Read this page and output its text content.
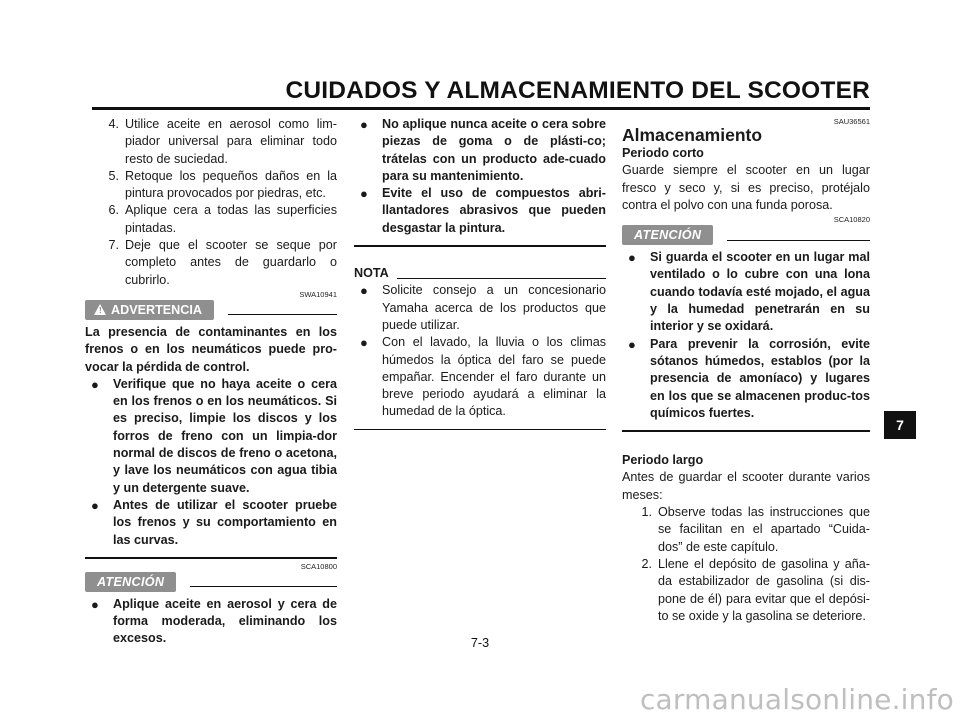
CUIDADOS Y ALMACENAMIENTO DEL SCOOTER
4. Utilice aceite en aerosol como lim-piador universal para eliminar todo resto de suciedad.
5. Retoque los pequeños daños en la pintura provocados por piedras, etc.
6. Aplique cera a todas las superficies pintadas.
7. Deje que el scooter se seque por completo antes de guardarlo o cubrirlo.
SWA10941
! ADVERTENCIA
La presencia de contaminantes en los frenos o en los neumáticos puede pro-vocar la pérdida de control.
●	Verifique que no haya aceite o cera en los frenos o en los neumáticos. Si es preciso, limpie los discos y los forros de freno con un limpia-dor normal de discos de freno o acetona, y lave los neumáticos con agua tibia y un detergente suave.
●	Antes de utilizar el scooter pruebe los frenos y su comportamiento en las curvas.
SCA10800
ATENCIÓN
●	Aplique aceite en aerosol y cera de forma moderada, eliminando los excesos.
●	No aplique nunca aceite o cera sobre piezas de goma o de plásti-co; trátelas con un producto ade-cuado para su mantenimiento.
●	Evite el uso de compuestos abri-llantadores abrasivos que pueden desgastar la pintura.
NOTA
●	Solicite consejo a un concesionario Yamaha acerca de los productos que puede utilizar.
●	Con el lavado, la lluvia o los climas húmedos la óptica del faro se puede empañar. Encender el faro durante un breve periodo ayudará a eliminar la humedad de la óptica.
SAU36561
Almacenamiento
Periodo corto
Guarde siempre el scooter en un lugar fresco y seco y, si es preciso, protéjalo contra el polvo con una funda porosa.
SCA10820
ATENCIÓN
●	Si guarda el scooter en un lugar mal ventilado o lo cubre con una lona cuando todavía esté mojado, el agua y la humedad penetrarán en su interior y se oxidará.
●	Para prevenir la corrosión, evite sótanos húmedos, establos (por la presencia de amoníaco) y lugares en los que se almacenen produc-tos químicos fuertes.
Periodo largo
Antes de guardar el scooter durante varios meses:
1. Observe todas las instrucciones que se facilitan en el apartado “Cuida-dos” de este capítulo.
2. Llene el depósito de gasolina y aña-da estabilizador de gasolina (si dis-pone de él) para evitar que el depósi-to se oxide y la gasolina se deteriore.
7
7-3
carmanualsonline.info
